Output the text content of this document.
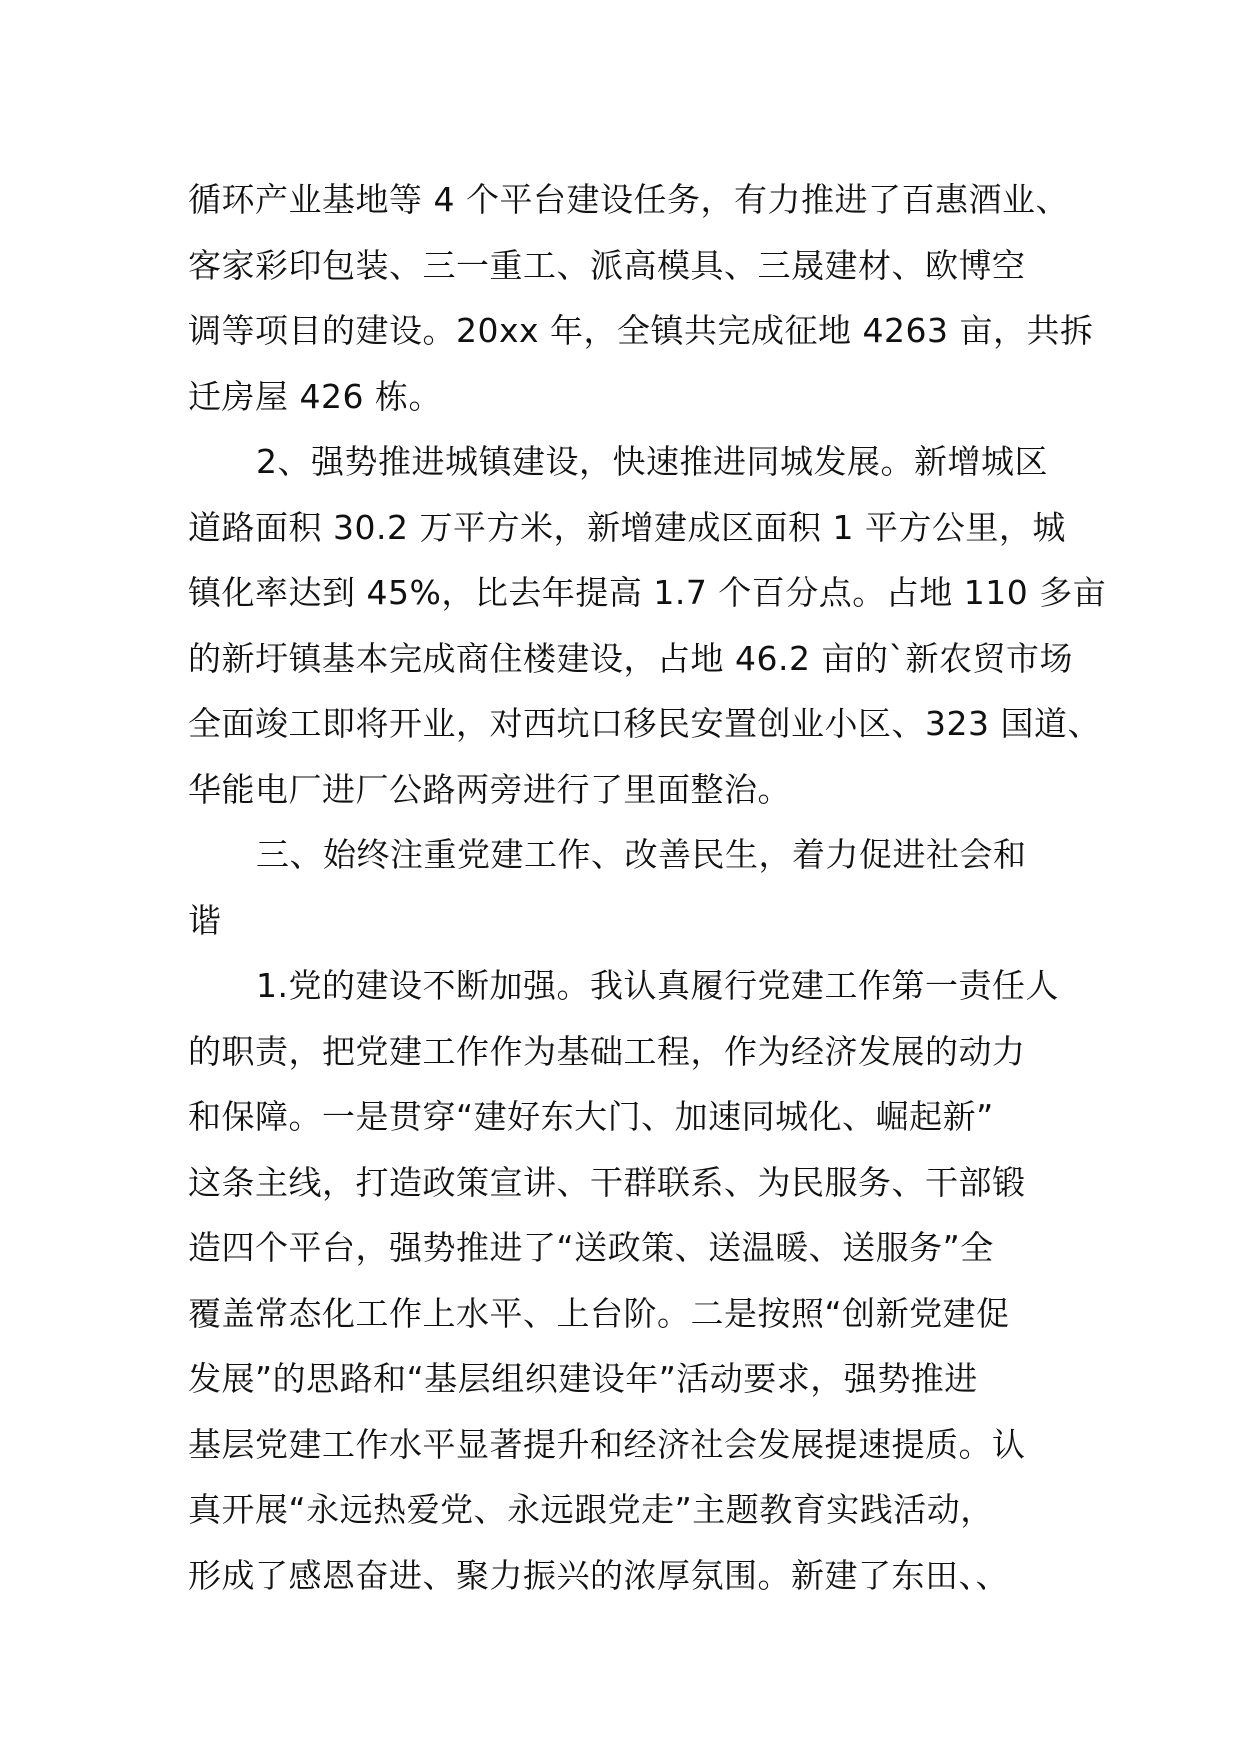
循环产业基地等 4 个平台建设任务，有力推进了百惠酒业、
客家彩印包装、三一重工、派高模具、三晟建材、欧博空
调等项目的建设。20xx 年，全镇共完成征地 4263 亩，共拆
迁房屋 426 栋。
2、强势推进城镇建设，快速推进同城发展。新增城区
道路面积 30.2 万平方米，新增建成区面积 1 平方公里，城
镇化率达到 45%，比去年提高 1.7 个百分点。占地 110 多亩
的新圩镇基本完成商住楼建设，占地 46.2 亩的`新农贸市场
全面竣工即将开业，对西坑口移民安置创业小区、323 国道、
华能电厂进厂公路两旁进行了里面整治。
三、始终注重党建工作、改善民生，着力促进社会和
谐
1.党的建设不断加强。我认真履行党建工作第一责任人
的职责，把党建工作作为基础工程，作为经济发展的动力
和保障。一是贯穿“建好东大门、加速同城化、崛起新”
这条主线，打造政策宣讲、干群联系、为民服务、干部锻
造四个平台，强势推进了“送政策、送温暖、送服务”全
覆盖常态化工作上水平、上台阶。二是按照“创新党建促
发展”的思路和“基层组织建设年”活动要求，强势推进
基层党建工作水平显著提升和经济社会发展提速提质。认
真开展“永远热爱党、永远跟党走”主题教育实践活动，
形成了感恩奋进、聚力振兴的浓厚氛围。新建了东田、、
